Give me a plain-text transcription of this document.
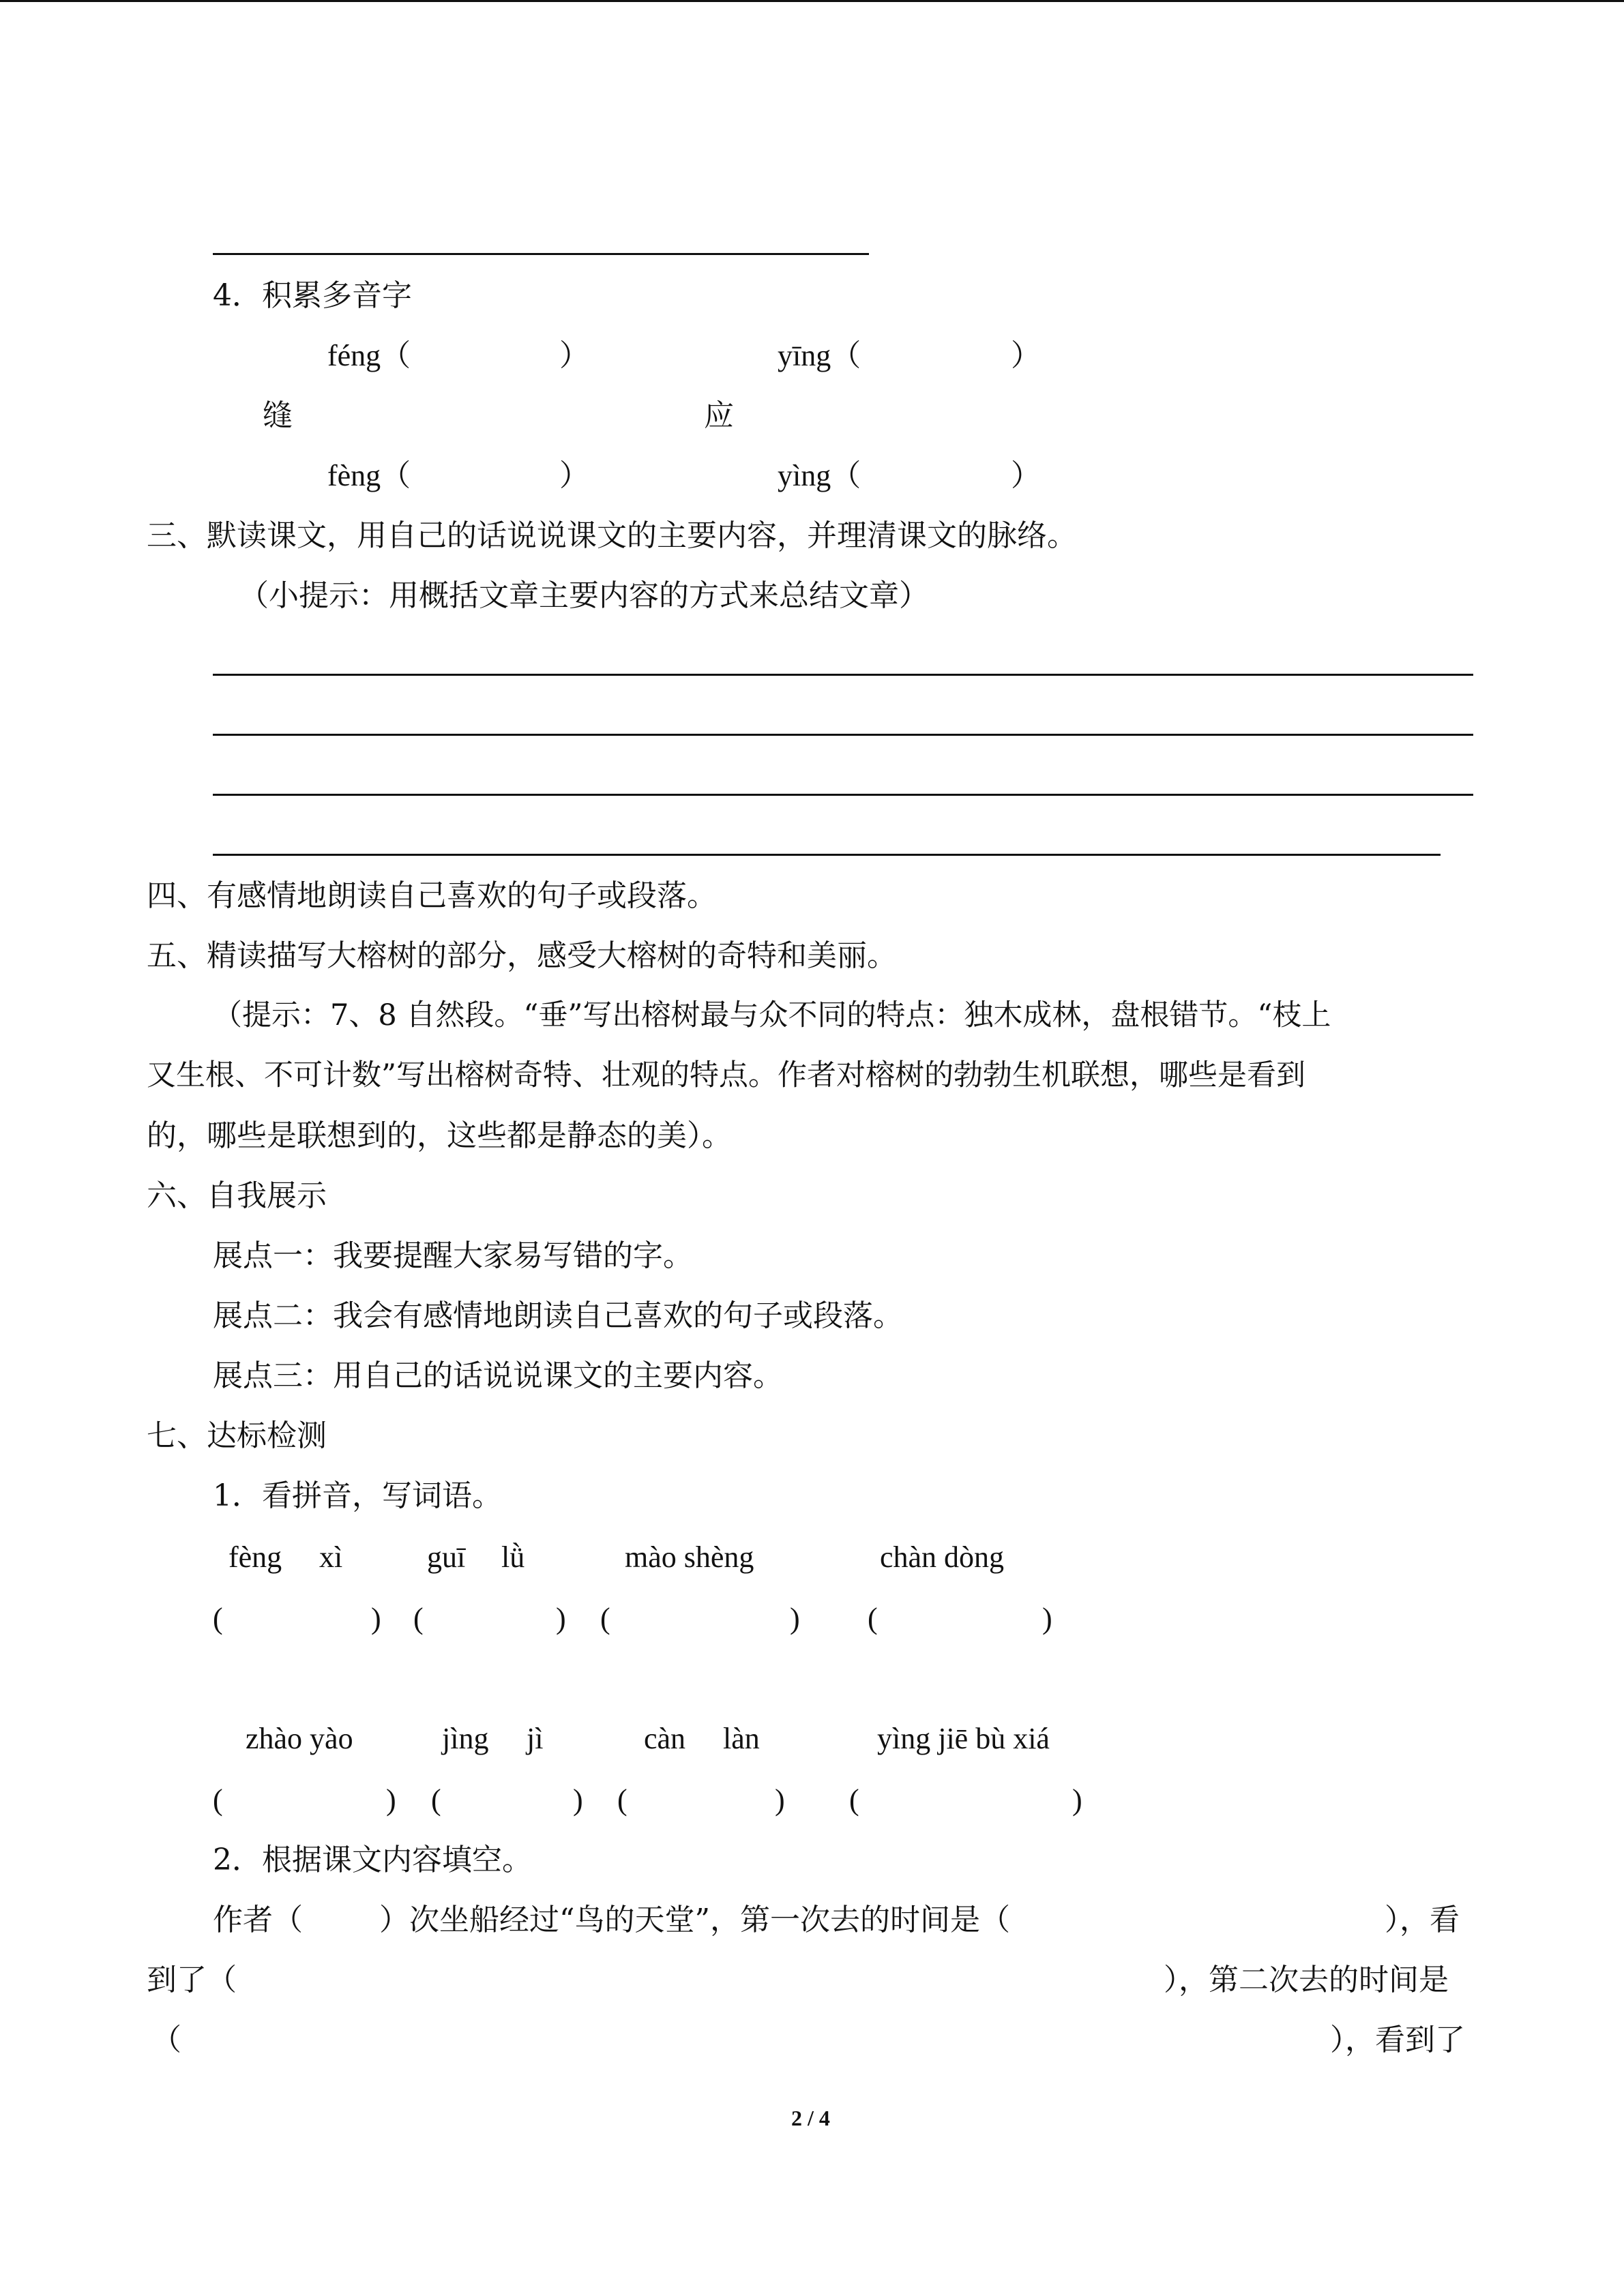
4．积累多音字
féng（	）	yīng（	）
缝	应
fèng（	）	yìng（	）
三、默读课文，用自己的话说说课文的主要内容，并理清课文的脉络。
（小提示：用概括文章主要内容的方式来总结文章）
四、有感情地朗读自己喜欢的句子或段落。
五、精读描写大榕树的部分，感受大榕树的奇特和美丽。
（提示：7、8 自然段。“垂”写出榕树最与众不同的特点：独木成林，盘根错节。“枝上
又生根、不可计数”写出榕树奇特、壮观的特点。作者对榕树的勃勃生机联想，哪些是看到
的，哪些是联想到的，这些都是静态的美）。
六、自我展示
展点一：我要提醒大家易写错的字。
展点二：我会有感情地朗读自己喜欢的句子或段落。
展点三：用自己的话说说课文的主要内容。
七、达标检测
1．看拼音，写词语。
fèng xì	guī lǜ	mào shèng	chàn dòng
(	) (	) (	) (	)
zhào yào	jìng jì	càn làn	yìng jiē bù xiá
(	) (	) (	) (	)
2．根据课文内容填空。
作者（	）次坐船经过“鸟的天堂”，第一次去的时间是（	），看
到了（	），第二次去的时间是
（	），看到了
2 / 4
